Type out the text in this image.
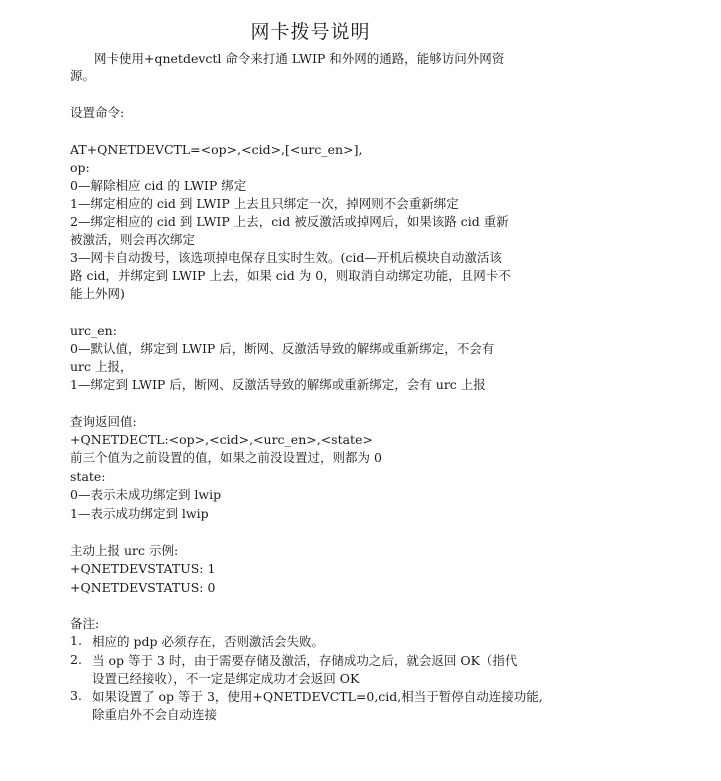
网卡拨号说明
网卡使用+qnetdevctl 命令来打通 LWIP 和外网的通路，能够访问外网资
源。
设置命令:
AT+QNETDEVCTL=<op>,<cid>,[<urc_en>],
op:
0—解除相应 cid 的 LWIP 绑定
1—绑定相应的 cid 到 LWIP 上去且只绑定一次，掉网则不会重新绑定
2—绑定相应的 cid 到 LWIP 上去，cid 被反激活或掉网后，如果该路 cid 重新
被激活，则会再次绑定
3—网卡自动拨号，该选项掉电保存且实时生效。(cid—开机后模块自动激活该
路 cid，并绑定到 LWIP 上去，如果 cid 为 0，则取消自动绑定功能，且网卡不
能上外网)
urc_en:
0—默认值，绑定到 LWIP 后，断网、反激活导致的解绑或重新绑定，不会有
urc 上报，
1—绑定到 LWIP 后，断网、反激活导致的解绑或重新绑定，会有 urc 上报
查询返回值:
+QNETDECTL:<op>,<cid>,<urc_en>,<state>
前三个值为之前设置的值，如果之前没设置过，则都为 0
state:
0—表示未成功绑定到 lwip
1—表示成功绑定到 lwip
主动上报 urc 示例:
+QNETDEVSTATUS: 1
+QNETDEVSTATUS: 0
备注:
1. 相应的 pdp 必须存在，否则激活会失败。
2. 当 op 等于 3 时，由于需要存储及激活，存储成功之后，就会返回 OK（指代
设置已经接收），不一定是绑定成功才会返回 OK
3. 如果设置了 op 等于 3，使用+QNETDEVCTL=0,cid,相当于暂停自动连接功能,
除重启外不会自动连接
